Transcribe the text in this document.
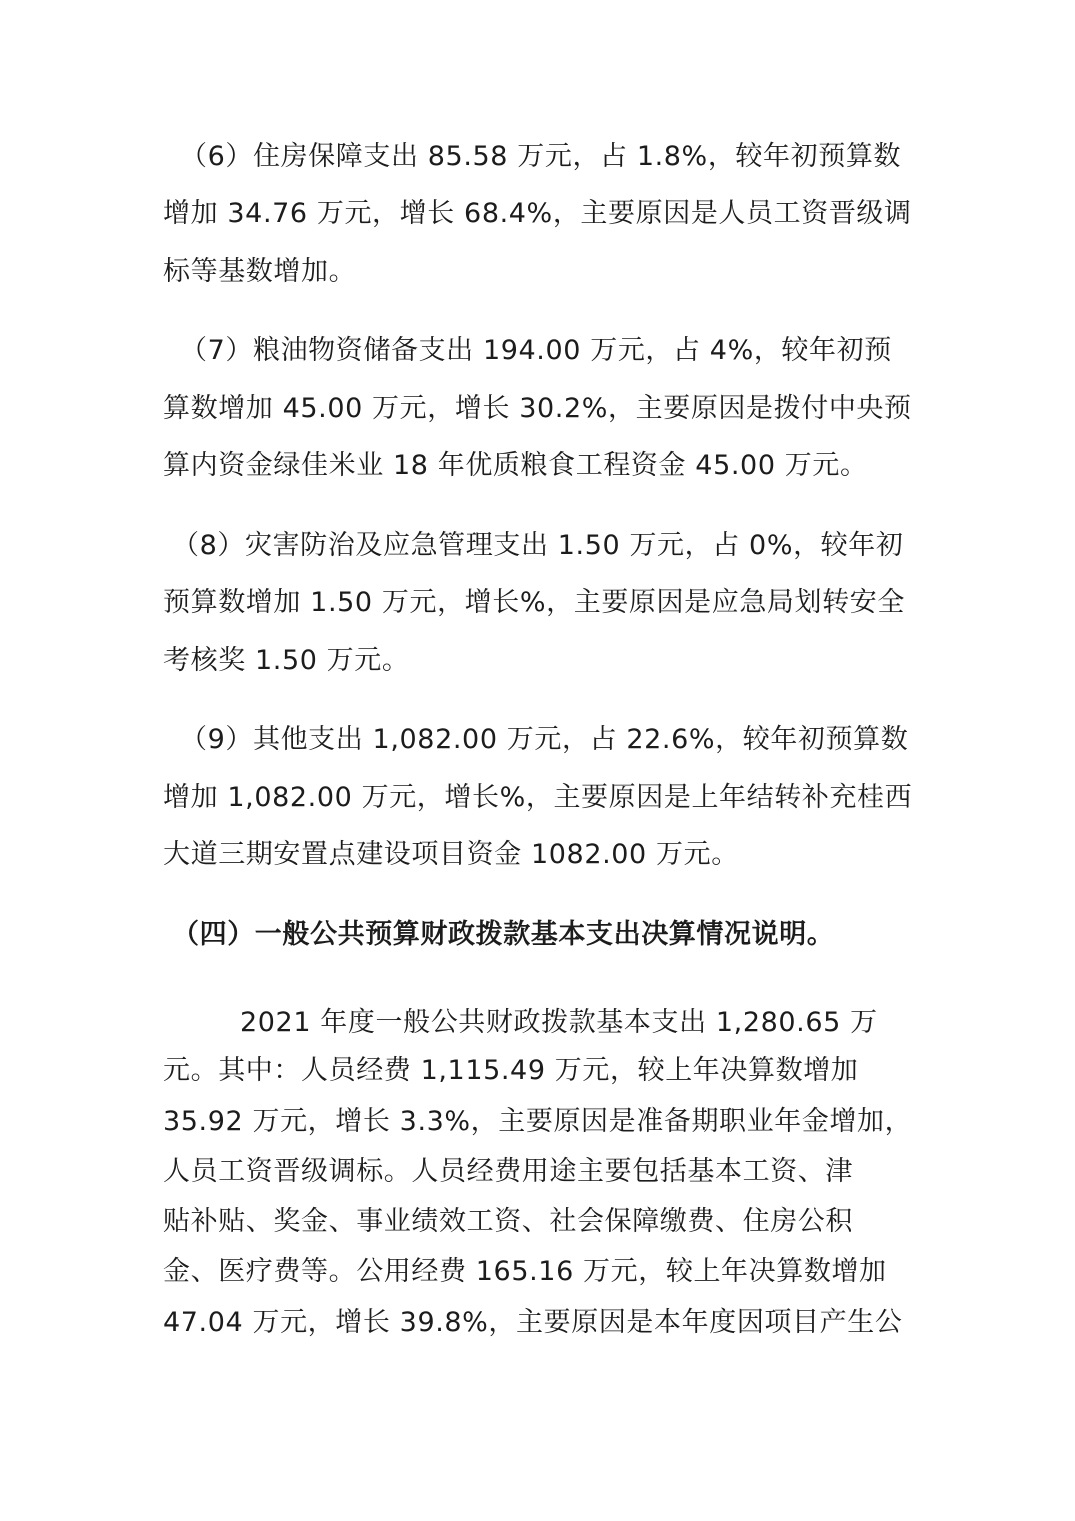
（6）住房保障支出 85.58 万元，占 1.8%，较年初预算数
增加 34.76 万元，增长 68.4%，主要原因是人员工资晋级调
标等基数增加。
（7）粮油物资储备支出 194.00 万元，占 4%，较年初预
算数增加 45.00 万元，增长 30.2%，主要原因是拨付中央预
算内资金绿佳米业 18 年优质粮食工程资金 45.00 万元。
（8）灾害防治及应急管理支出 1.50 万元，占 0%，较年初
预算数增加 1.50 万元，增长%，主要原因是应急局划转安全
考核奖 1.50 万元。
（9）其他支出 1,082.00 万元，占 22.6%，较年初预算数
增加 1,082.00 万元，增长%，主要原因是上年结转补充桂西
大道三期安置点建设项目资金 1082.00 万元。
（四）一般公共预算财政拨款基本支出决算情况说明。
2021 年度一般公共财政拨款基本支出 1,280.65 万
元。其中：人员经费 1,115.49 万元，较上年决算数增加
35.92 万元，增长 3.3%，主要原因是准备期职业年金增加，
人员工资晋级调标。人员经费用途主要包括基本工资、津
贴补贴、奖金、事业绩效工资、社会保障缴费、住房公积
金、医疗费等。公用经费 165.16 万元，较上年决算数增加
47.04 万元，增长 39.8%，主要原因是本年度因项目产生公
